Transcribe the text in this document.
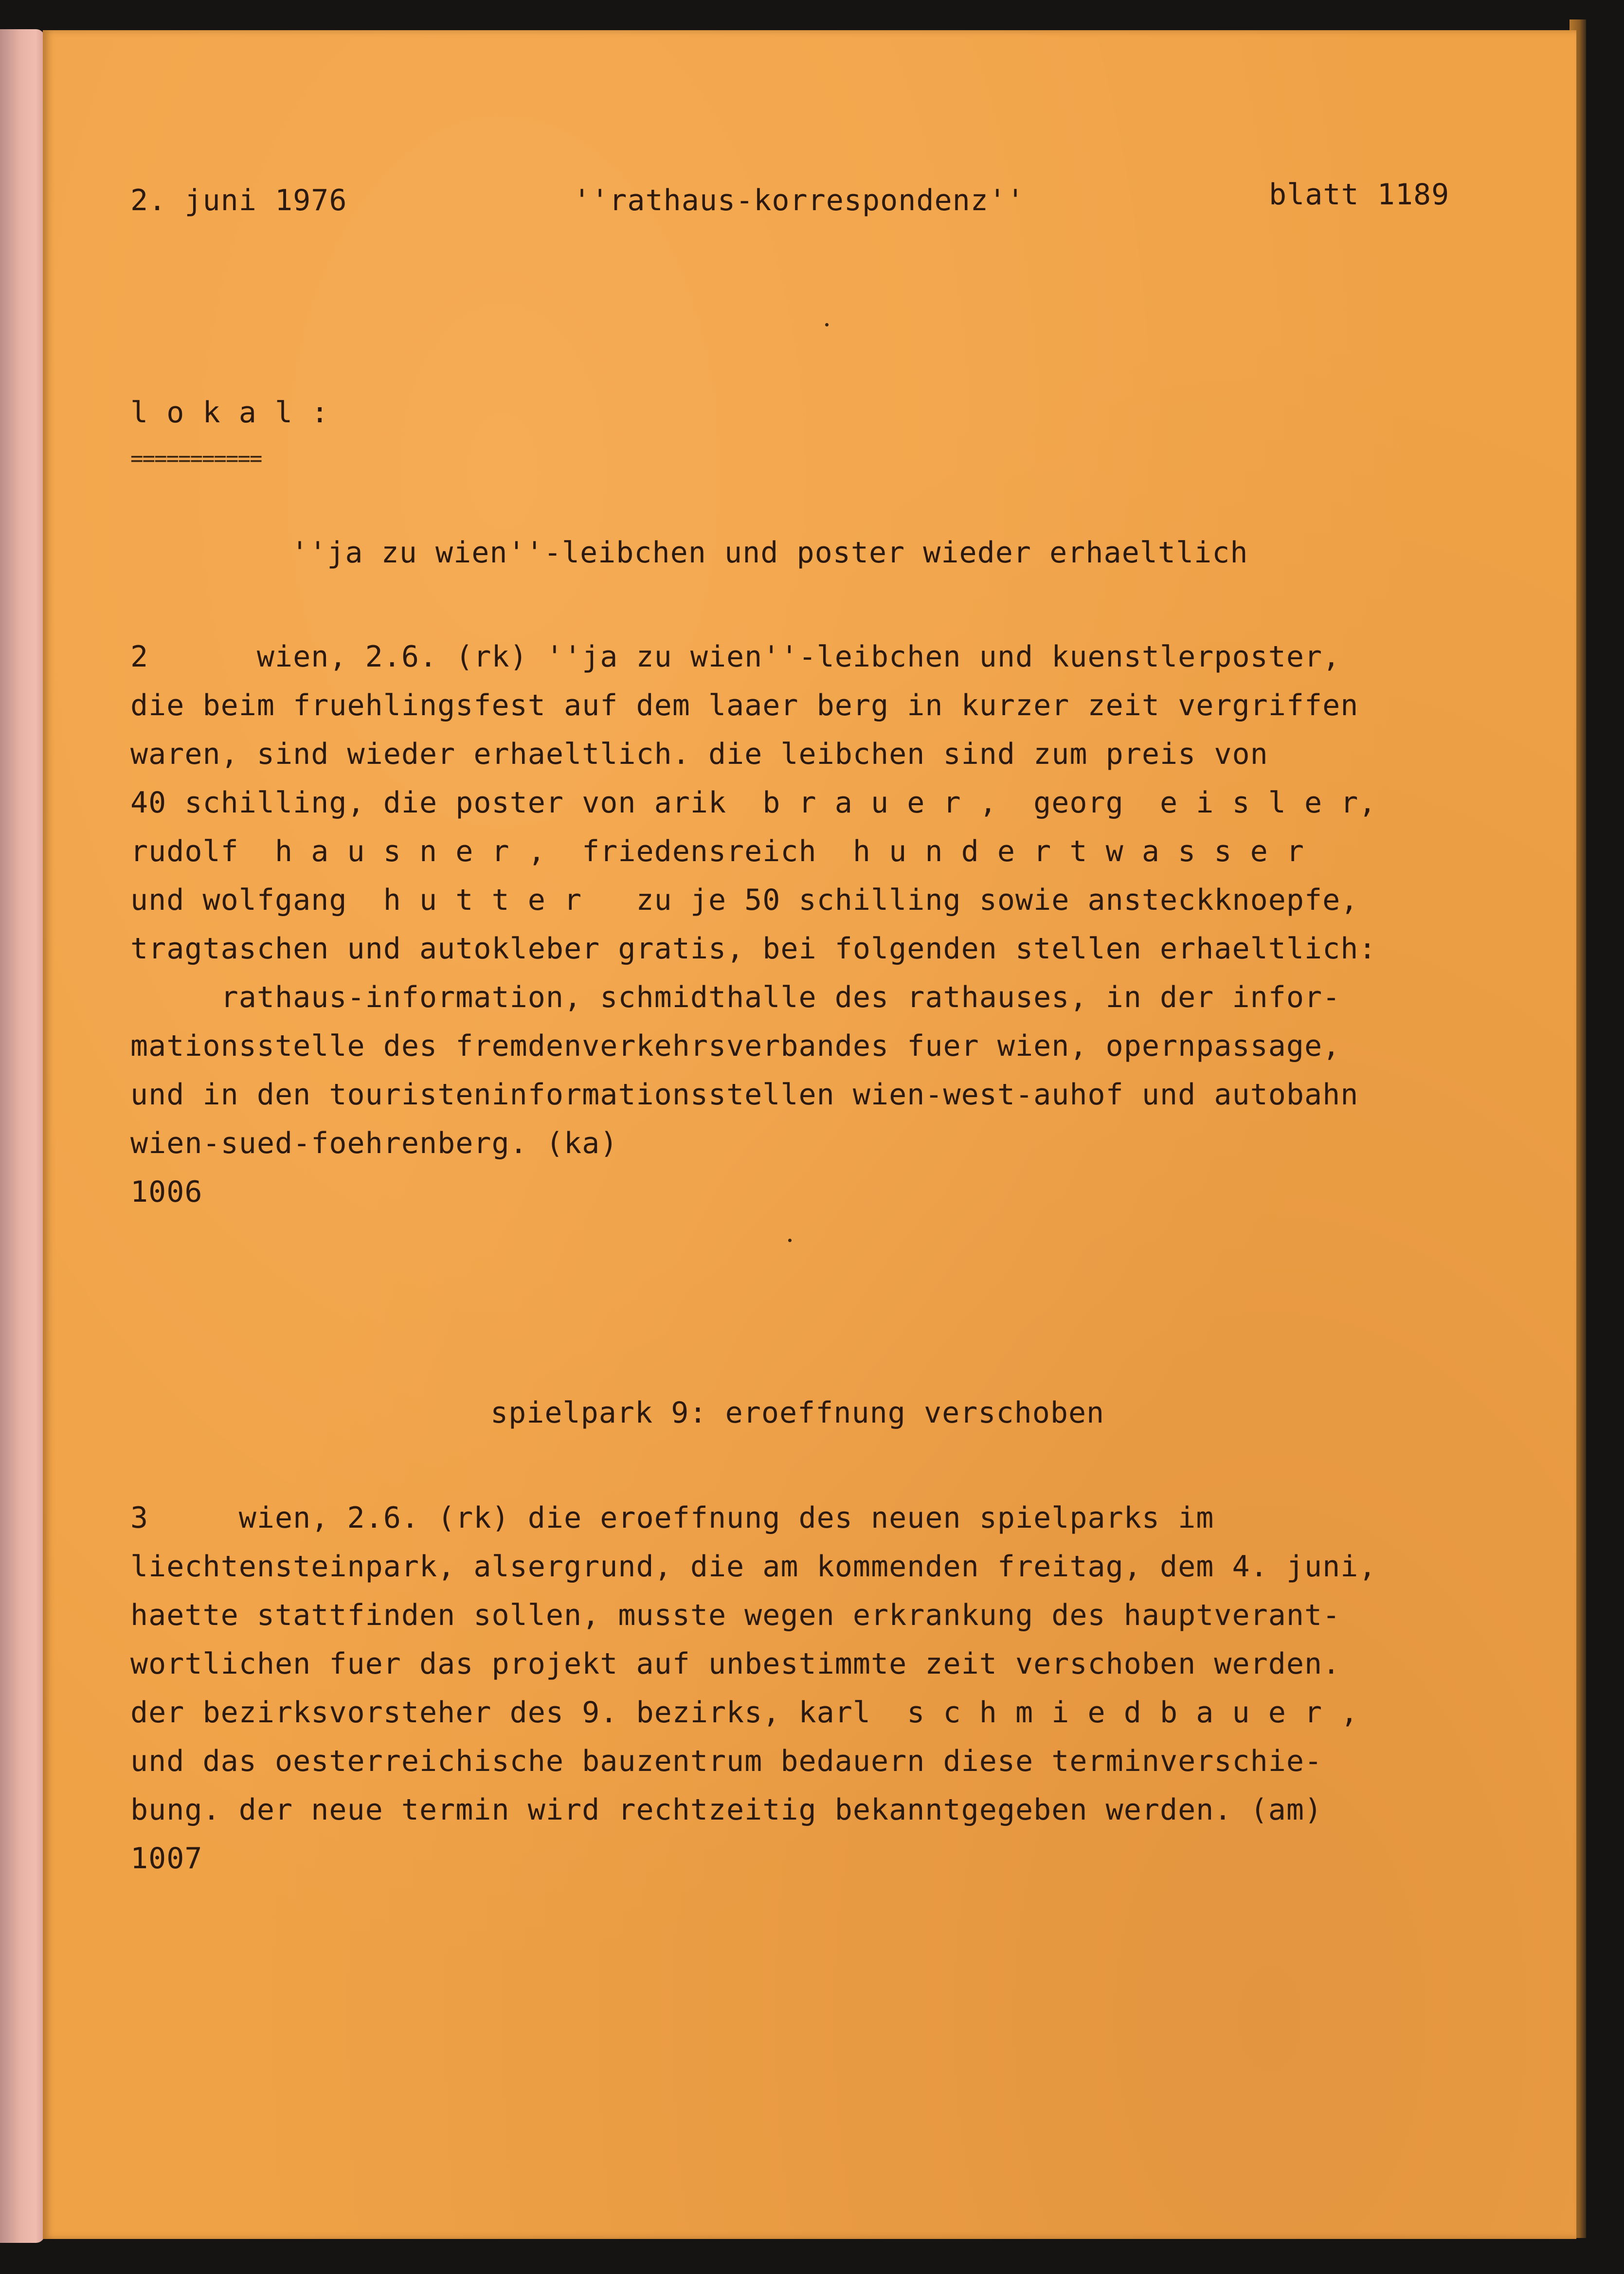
2. juni 1976	''rathaus-korrespondenz''	blatt 1189
l o k a l :
===========
''ja zu wien''-leibchen und poster wieder erhaeltlich
2      wien, 2.6. (rk) ''ja zu wien''-leibchen und kuenstlerposter,
die beim fruehlingsfest auf dem laaer berg in kurzer zeit vergriffen
waren, sind wieder erhaeltlich. die leibchen sind zum preis von
40 schilling, die poster von arik  b r a u e r ,  georg  e i s l e r,
rudolf  h a u s n e r ,  friedensreich  h u n d e r t w a s s e r
und wolfgang  h u t t e r   zu je 50 schilling sowie ansteckknoepfe,
tragtaschen und autokleber gratis, bei folgenden stellen erhaeltlich:
rathaus-information, schmidthalle des rathauses, in der infor-
mationsstelle des fremdenverkehrsverbandes fuer wien, opernpassage,
und in den touristeninformationsstellen wien-west-auhof und autobahn
wien-sued-foehrenberg. (ka)
1006
spielpark 9: eroeffnung verschoben
3     wien, 2.6. (rk) die eroeffnung des neuen spielparks im
liechtensteinpark, alsergrund, die am kommenden freitag, dem 4. juni,
haette stattfinden sollen, musste wegen erkrankung des hauptverant-
wortlichen fuer das projekt auf unbestimmte zeit verschoben werden.
der bezirksvorsteher des 9. bezirks, karl  s c h m i e d b a u e r ,
und das oesterreichische bauzentrum bedauern diese terminverschie-
bung. der neue termin wird rechtzeitig bekanntgegeben werden. (am)
1007
